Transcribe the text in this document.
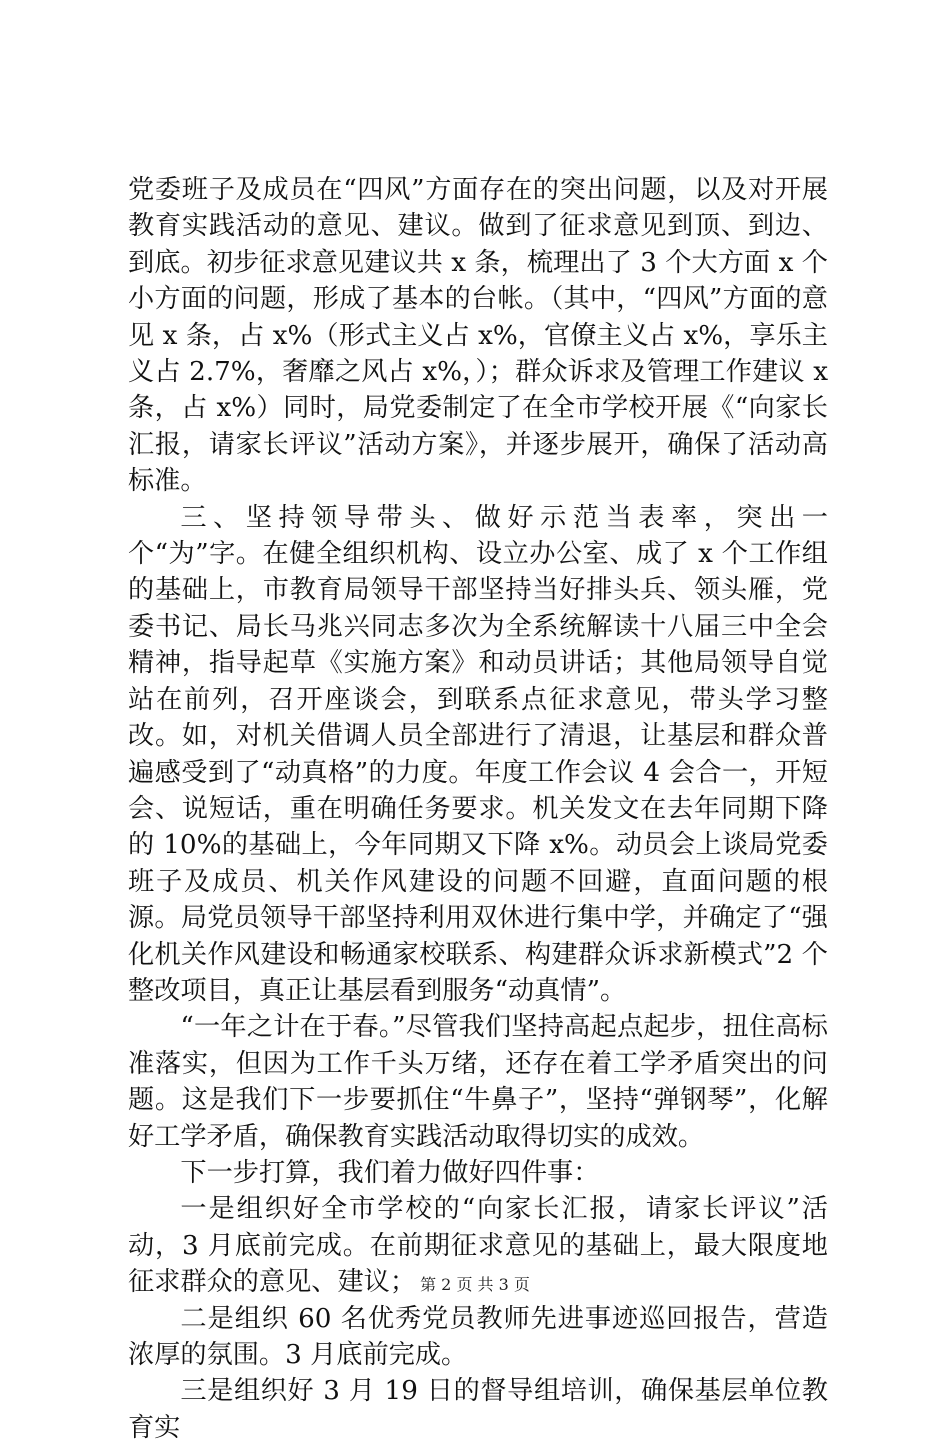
党委班子及成员在“四风”方面存在的突出问题，以及对开展教育实践活动的意见、建议。做到了征求意见到顶、到边、到底。初步征求意见建议共 x 条，梳理出了 3 个大方面 x 个小方面的问题，形成了基本的台帐。（其中，“四风”方面的意见 x 条，占 x%（形式主义占 x%，官僚主义占 x%，享乐主义占 2.7%，奢靡之风占 x%，）；群众诉求及管理工作建议 x 条，占 x%）同时，局党委制定了在全市学校开展《“向家长汇报，请家长评议”活动方案》，并逐步展开，确保了活动高标准。

三、坚持领导带头、做好示范当表率，突出一个“为”字。在健全组织机构、设立办公室、成了 x 个工作组的基础上，市教育局领导干部坚持当好排头兵、领头雁，党委书记、局长马兆兴同志多次为全系统解读十八届三中全会精神，指导起草《实施方案》和动员讲话；其他局领导自觉站在前列，召开座谈会，到联系点征求意见，带头学习整改。如，对机关借调人员全部进行了清退，让基层和群众普遍感受到了“动真格”的力度。年度工作会议 4 会合一，开短会、说短话，重在明确任务要求。机关发文在去年同期下降的 10%的基础上，今年同期又下降 x%。动员会上谈局党委班子及成员、机关作风建设的问题不回避，直面问题的根源。局党员领导干部坚持利用双休进行集中学，并确定了“强化机关作风建设和畅通家校联系、构建群众诉求新模式”2 个整改项目，真正让基层看到服务“动真情”。

“一年之计在于春。”尽管我们坚持高起点起步，扭住高标准落实，但因为工作千头万绪，还存在着工学矛盾突出的问题。这是我们下一步要抓住“牛鼻子”，坚持“弹钢琴”，化解好工学矛盾，确保教育实践活动取得切实的成效。

下一步打算，我们着力做好四件事：

一是组织好全市学校的“向家长汇报，请家长评议”活动，3 月底前完成。在前期征求意见的基础上，最大限度地征求群众的意见、建议；

二是组织 60 名优秀党员教师先进事迹巡回报告，营造浓厚的氛围。3 月底前完成。

三是组织好 3 月 19 日的督导组培训，确保基层单位教育实

第 2 页 共 3 页
